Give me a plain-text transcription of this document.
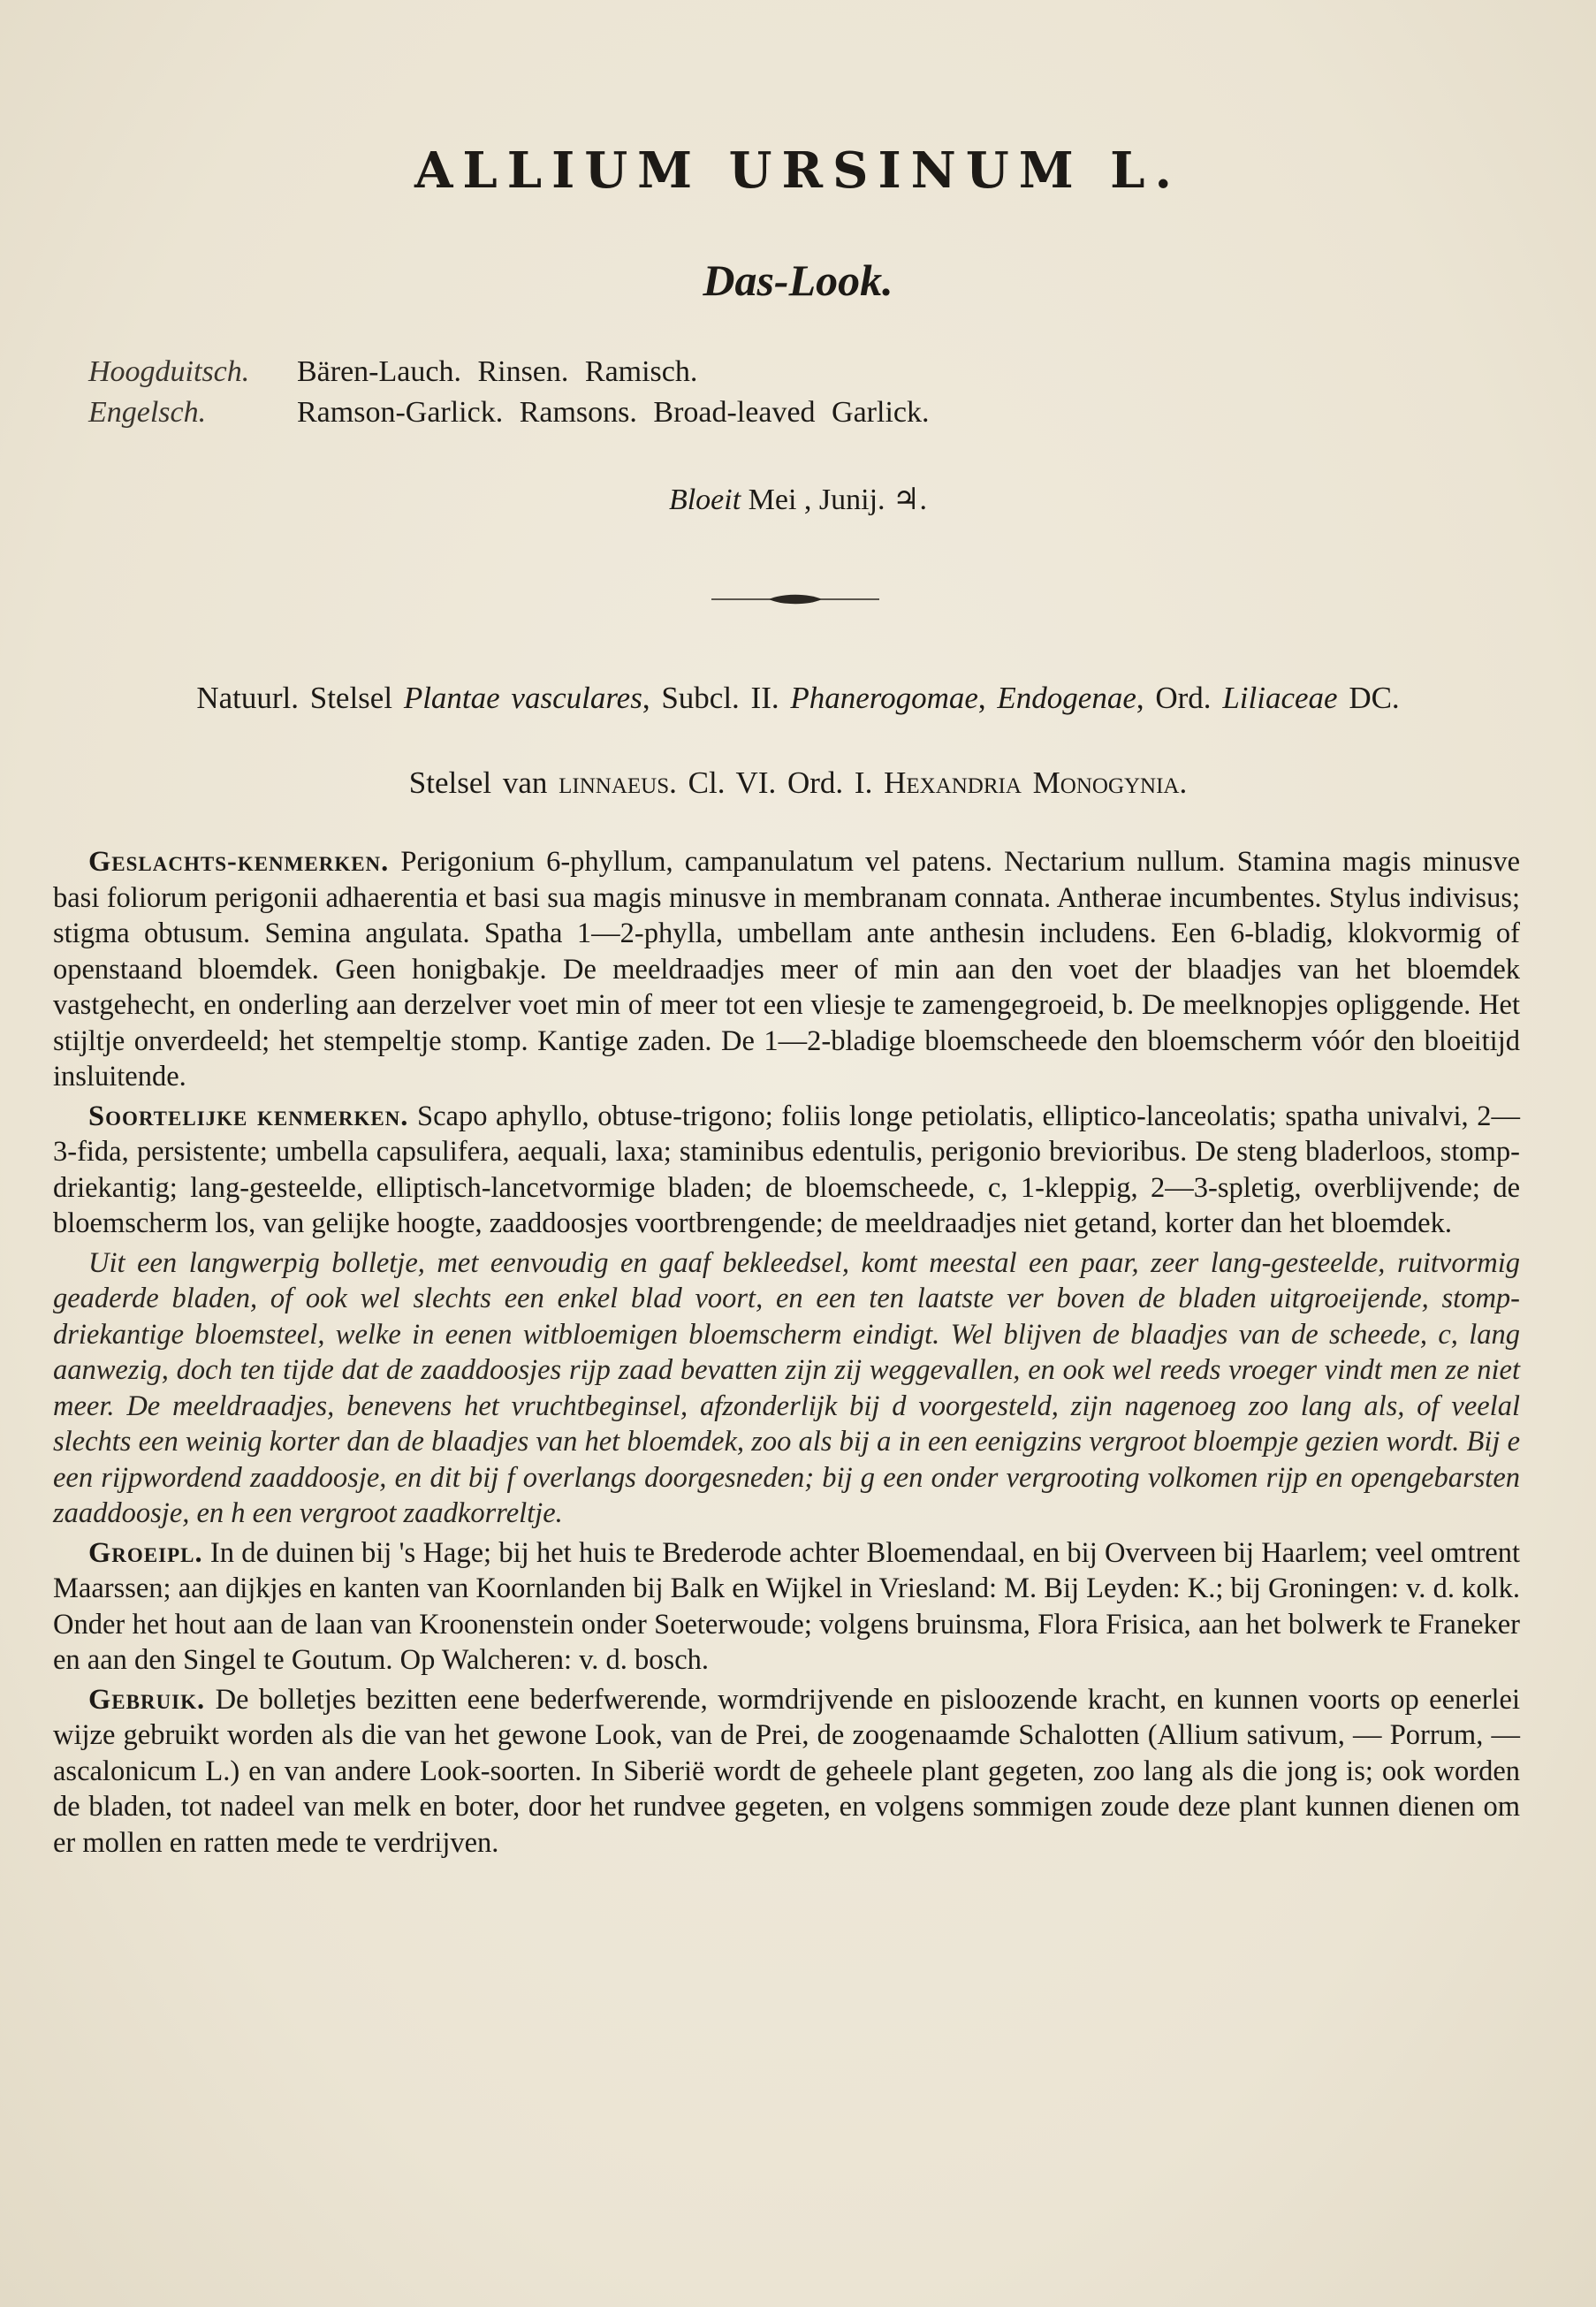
ALLIUM URSINUM L.
Das-Look.
Hoogduitsch.	Bären-Lauch. Rinsen. Ramisch.
Engelsch.	Ramson-Garlick. Ramsons. Broad-leaved Garlick.
Bloeit Mei , Junij. ♃.
Natuurl. Stelsel Plantae vasculares, Subcl. II. Phanerogomae, Endogenae, Ord. Liliaceae DC.
Stelsel van linnaeus. Cl. VI. Ord. I. Hexandria Monogynia.

Geslachts-kenmerken. Perigonium 6-phyllum, campanulatum vel patens. Nectarium nullum. Stamina magis minusve basi foliorum perigonii adhaerentia et basi sua magis minusve in membranam connata. Antherae incumbentes. Stylus indivisus; stigma obtusum. Semina angulata. Spatha 1—2-phylla, umbellam ante anthesin includens. Een 6-bladig, klokvormig of openstaand bloemdek. Geen honigbakje. De meeldraadjes meer of min aan den voet der blaadjes van het bloemdek vastgehecht, en onderling aan derzelver voet min of meer tot een vliesje te zamengegroeid, b. De meelknopjes opliggende. Het stijltje onverdeeld; het stempeltje stomp. Kantige zaden. De 1—2-bladige bloemscheede den bloemscherm vóór den bloeitijd insluitende.

Soortelijke kenmerken. Scapo aphyllo, obtuse-trigono; foliis longe petiolatis, elliptico-lanceolatis; spatha univalvi, 2—3-fida, persistente; umbella capsulifera, aequali, laxa; staminibus edentulis, perigonio brevioribus. De steng bladerloos, stomp-driekantig; lang-gesteelde, elliptisch-lancetvormige bladen; de bloemscheede, c, 1-kleppig, 2—3-spletig, overblijvende; de bloemscherm los, van gelijke hoogte, zaaddoosjes voortbrengende; de meeldraadjes niet getand, korter dan het bloemdek.

Uit een langwerpig bolletje, met eenvoudig en gaaf bekleedsel, komt meestal een paar, zeer lang-gesteelde, ruitvormig geaderde bladen, of ook wel slechts een enkel blad voort, en een ten laatste ver boven de bladen uitgroeijende, stomp-driekantige bloemsteel, welke in eenen witbloemigen bloemscherm eindigt. Wel blijven de blaadjes van de scheede, c, lang aanwezig, doch ten tijde dat de zaaddoosjes rijp zaad bevatten zijn zij weggevallen, en ook wel reeds vroeger vindt men ze niet meer. De meeldraadjes, benevens het vruchtbeginsel, afzonderlijk bij d voorgesteld, zijn nagenoeg zoo lang als, of veelal slechts een weinig korter dan de blaadjes van het bloemdek, zoo als bij a in een eenigzins vergroot bloempje gezien wordt. Bij e een rijpwordend zaaddoosje, en dit bij f overlangs doorgesneden; bij g een onder vergrooting volkomen rijp en opengebarsten zaaddoosje, en h een vergroot zaadkorreltje.

Groeipl. In de duinen bij 's Hage; bij het huis te Brederode achter Bloemendaal, en bij Overveen bij Haarlem; veel omtrent Maarssen; aan dijkjes en kanten van Koornlanden bij Balk en Wijkel in Vriesland: M. Bij Leyden: K.; bij Groningen: v. d. kolk. Onder het hout aan de laan van Kroonenstein onder Soeterwoude; volgens bruinsma, Flora Frisica, aan het bolwerk te Franeker en aan den Singel te Goutum. Op Walcheren: v. d. bosch.

Gebruik. De bolletjes bezitten eene bederfwerende, wormdrijvende en pisloozende kracht, en kunnen voorts op eenerlei wijze gebruikt worden als die van het gewone Look, van de Prei, de zoogenaamde Schalotten (Allium sativum, — Porrum, — ascalonicum L.) en van andere Look-soorten. In Siberië wordt de geheele plant gegeten, zoo lang als die jong is; ook worden de bladen, tot nadeel van melk en boter, door het rundvee gegeten, en volgens sommigen zoude deze plant kunnen dienen om er mollen en ratten mede te verdrijven.
